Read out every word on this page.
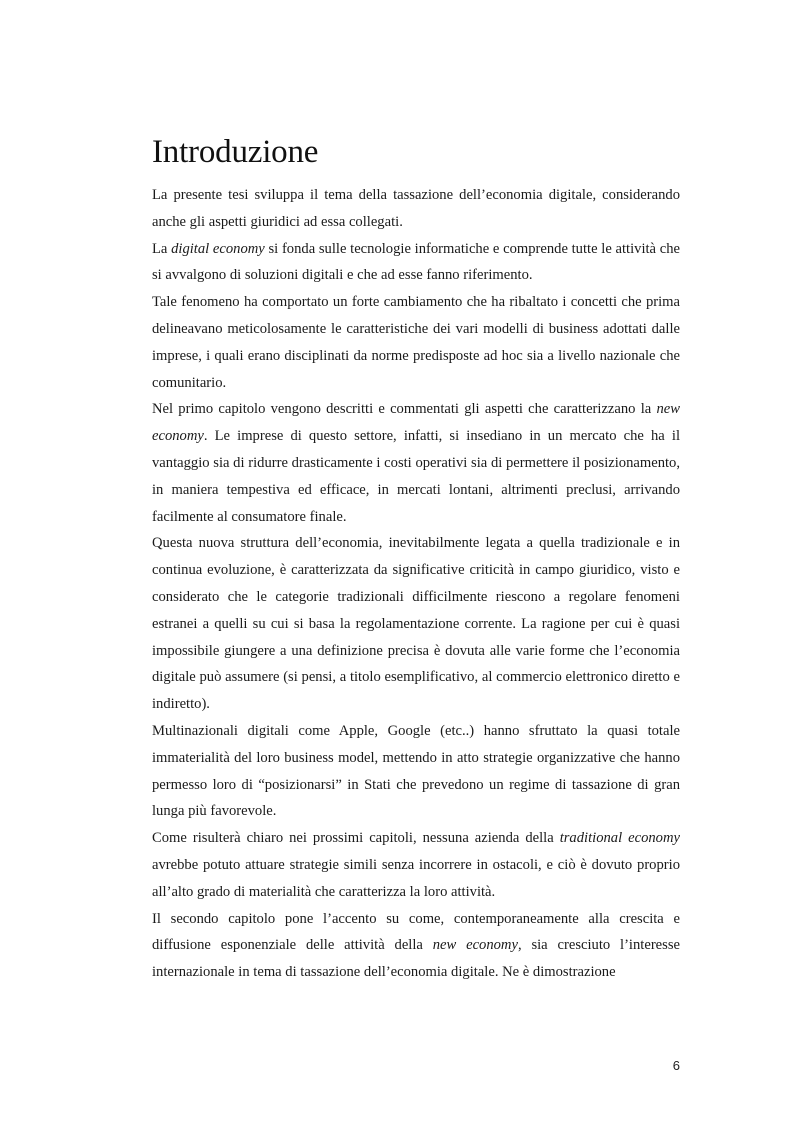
Introduzione

La presente tesi sviluppa il tema della tassazione dell’economia digitale, considerando anche gli aspetti giuridici ad essa collegati.

La digital economy si fonda sulle tecnologie informatiche e comprende tutte le attività che si avvalgono di soluzioni digitali e che ad esse fanno riferimento.

Tale fenomeno ha comportato un forte cambiamento che ha ribaltato i concetti che prima delineavano meticolosamente le caratteristiche dei vari modelli di business adottati dalle imprese, i quali erano disciplinati da norme predisposte ad hoc sia a livello nazionale che comunitario.

Nel primo capitolo vengono descritti e commentati gli aspetti che caratterizzano la new economy. Le imprese di questo settore, infatti, si insediano in un mercato che ha il vantaggio sia di ridurre drasticamente i costi operativi sia di permettere il posizionamento, in maniera tempestiva ed efficace, in mercati lontani, altrimenti preclusi, arrivando facilmente al consumatore finale.

Questa nuova struttura dell’economia, inevitabilmente legata a quella tradizionale e in continua evoluzione, è caratterizzata da significative criticità in campo giuridico, visto e considerato che le categorie tradizionali difficilmente riescono a regolare fenomeni estranei a quelli su cui si basa la regolamentazione corrente. La ragione per cui è quasi impossibile giungere a una definizione precisa è dovuta alle varie forme che l’economia digitale può assumere (si pensi, a titolo esemplificativo, al commercio elettronico diretto e indiretto).

Multinazionali digitali come Apple, Google (etc..) hanno sfruttato la quasi totale immaterialità del loro business model, mettendo in atto strategie organizzative che hanno permesso loro di “posizionarsi” in Stati che prevedono un regime di tassazione di gran lunga più favorevole.

Come risulterà chiaro nei prossimi capitoli, nessuna azienda della traditional economy avrebbe potuto attuare strategie simili senza incorrere in ostacoli, e ciò è dovuto proprio all’alto grado di materialità che caratterizza la loro attività.

Il secondo capitolo pone l’accento su come, contemporaneamente alla crescita e diffusione esponenziale delle attività della new economy, sia cresciuto l’interesse internazionale in tema di tassazione dell’economia digitale. Ne è dimostrazione

6
